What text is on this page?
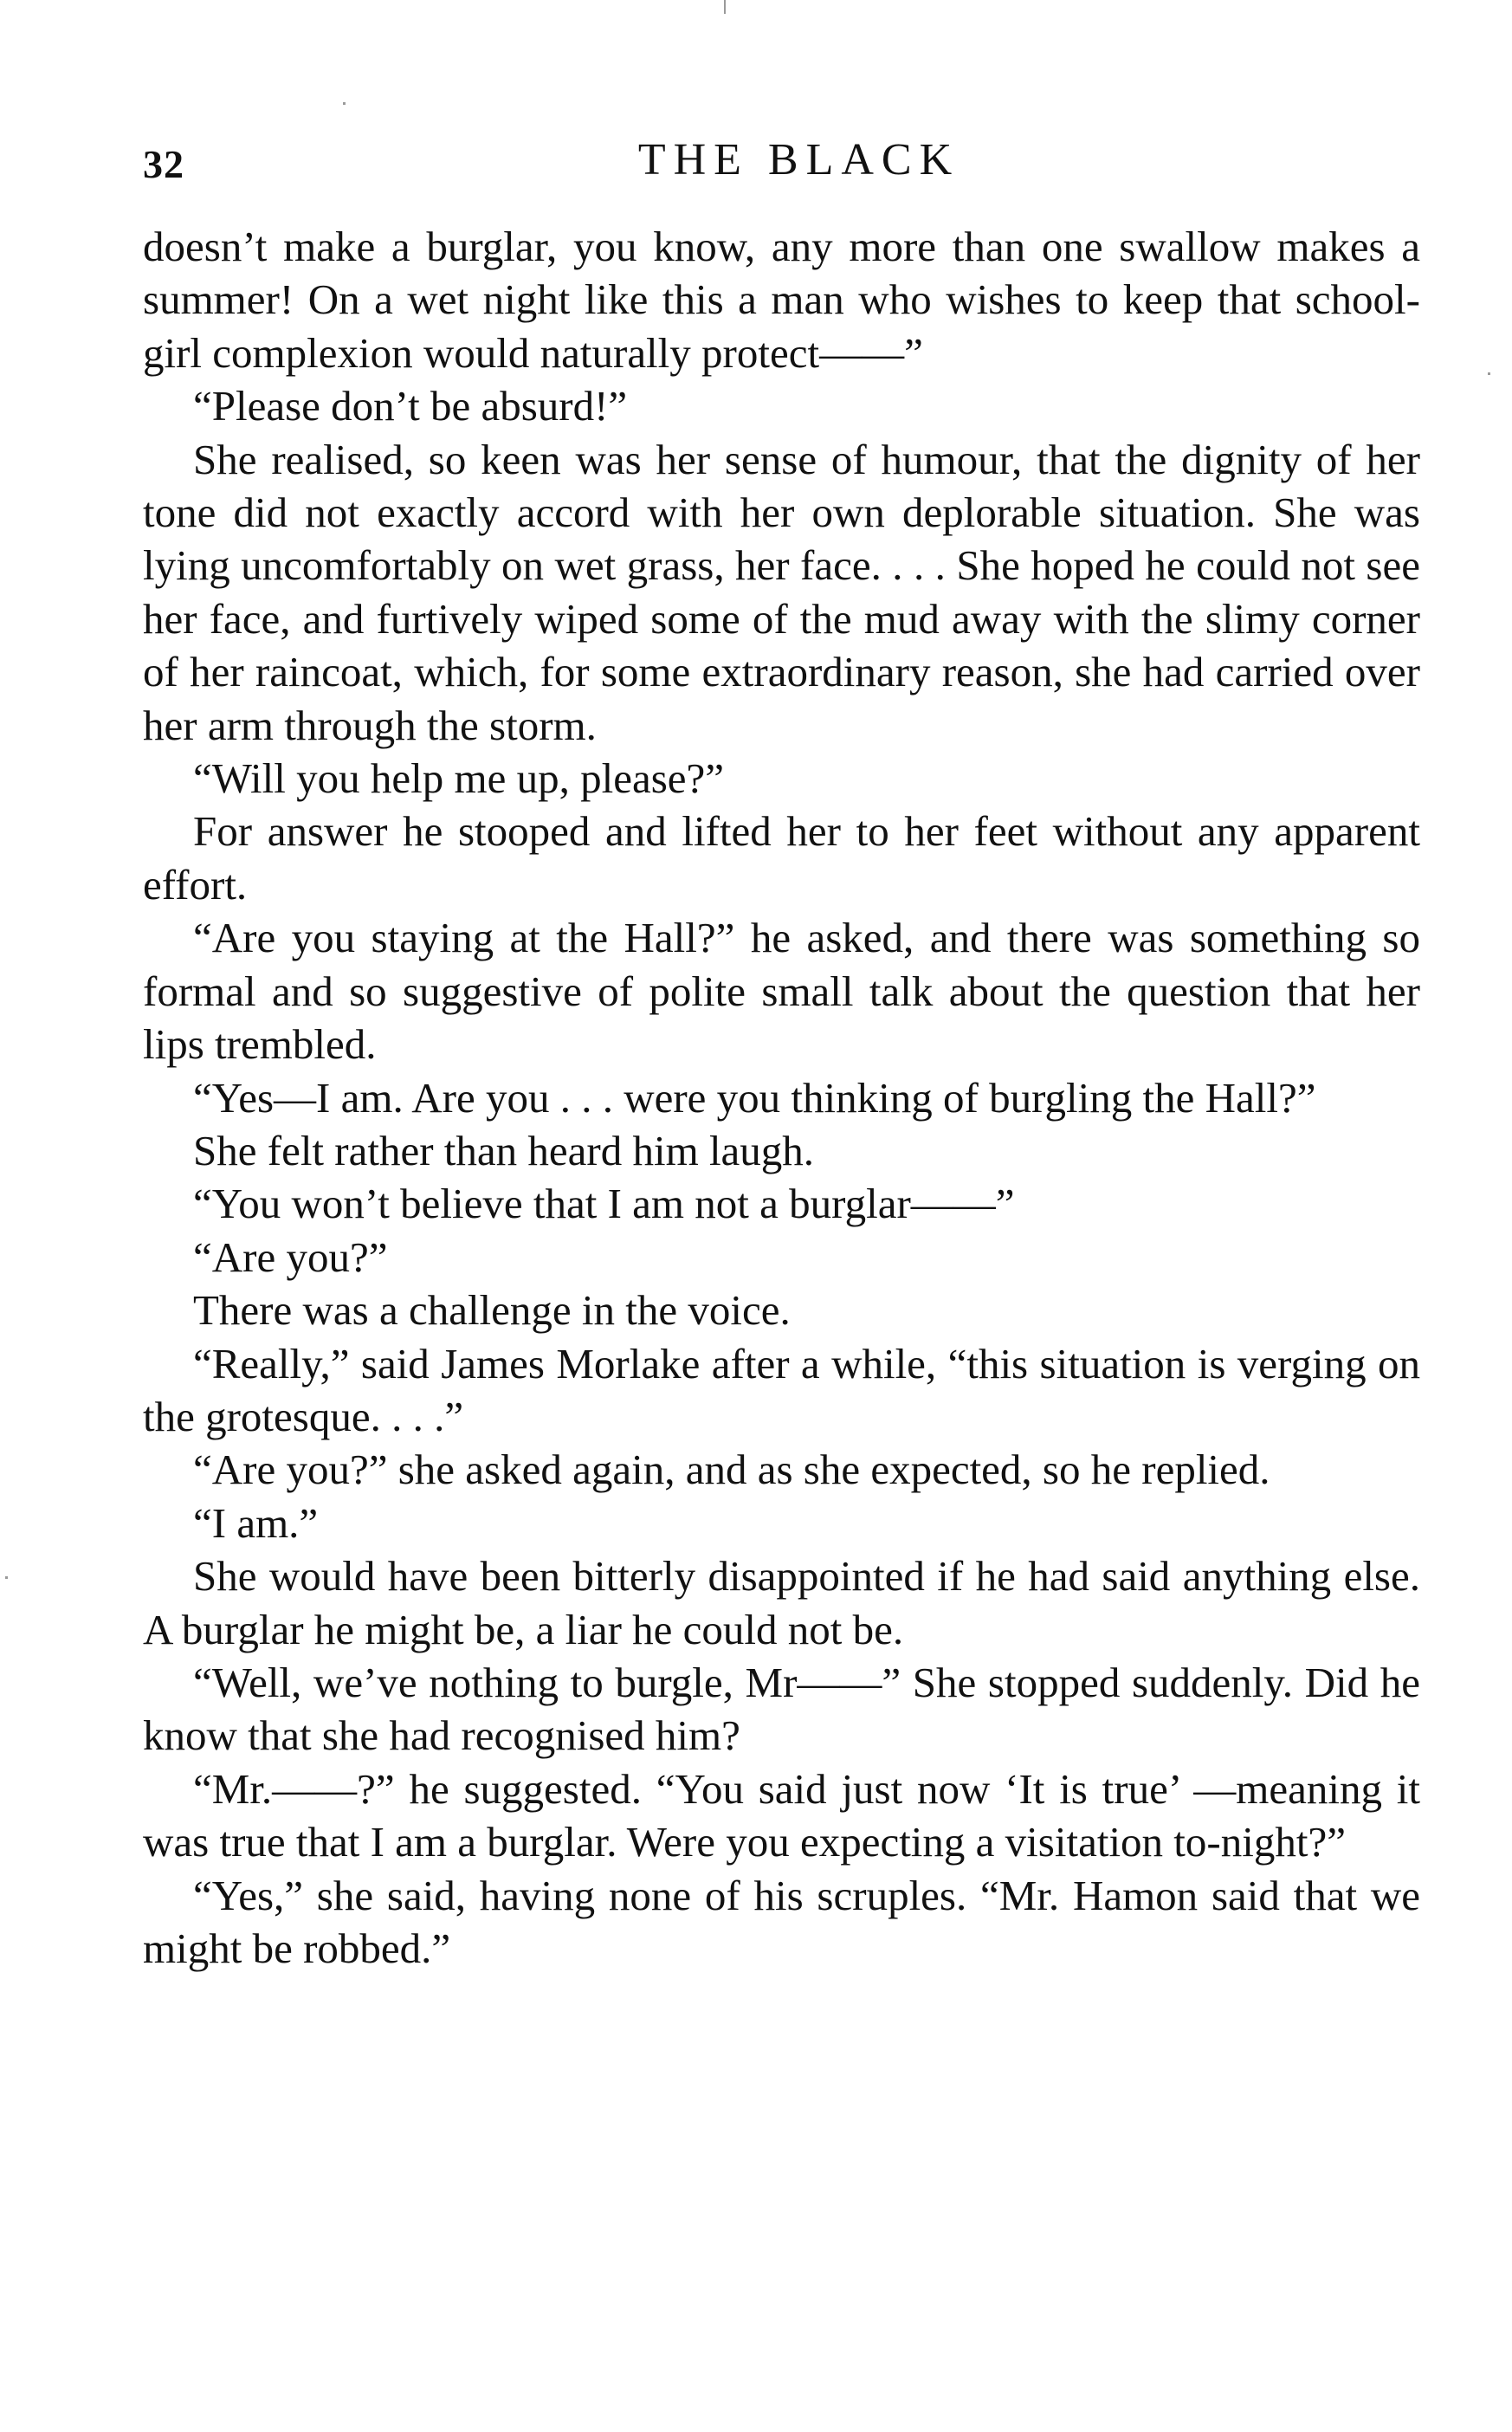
32	THE BLACK

doesn’t make a burglar, you know, any more than one swallow makes a summer! On a wet night like this a man who wishes to keep that school-girl complexion would naturally protect——”

“Please don’t be absurd!”

She realised, so keen was her sense of humour, that the dignity of her tone did not exactly accord with her own deplorable situation. She was lying uncomfortably on wet grass, her face. . . . She hoped he could not see her face, and furtively wiped some of the mud away with the slimy corner of her raincoat, which, for some extraordinary reason, she had carried over her arm through the storm.

“Will you help me up, please?”

For answer he stooped and lifted her to her feet without any apparent effort.

“Are you staying at the Hall?” he asked, and there was something so formal and so suggestive of polite small talk about the question that her lips trembled.

“Yes—I am. Are you . . . were you thinking of burgling the Hall?”

She felt rather than heard him laugh.

“You won’t believe that I am not a burglar——”

“Are you?”

There was a challenge in the voice.

“Really,” said James Morlake after a while, “this situation is verging on the grotesque. . . .”

“Are you?” she asked again, and as she expected, so he replied.

“I am.”

She would have been bitterly disappointed if he had said anything else. A burglar he might be, a liar he could not be.

“Well, we’ve nothing to burgle, Mr——” She stopped suddenly. Did he know that she had recognised him?

“Mr.——?” he suggested. “You said just now ‘It is true’ —meaning it was true that I am a burglar. Were you expecting a visitation to-night?”

“Yes,” she said, having none of his scruples. “Mr. Hamon said that we might be robbed.”
